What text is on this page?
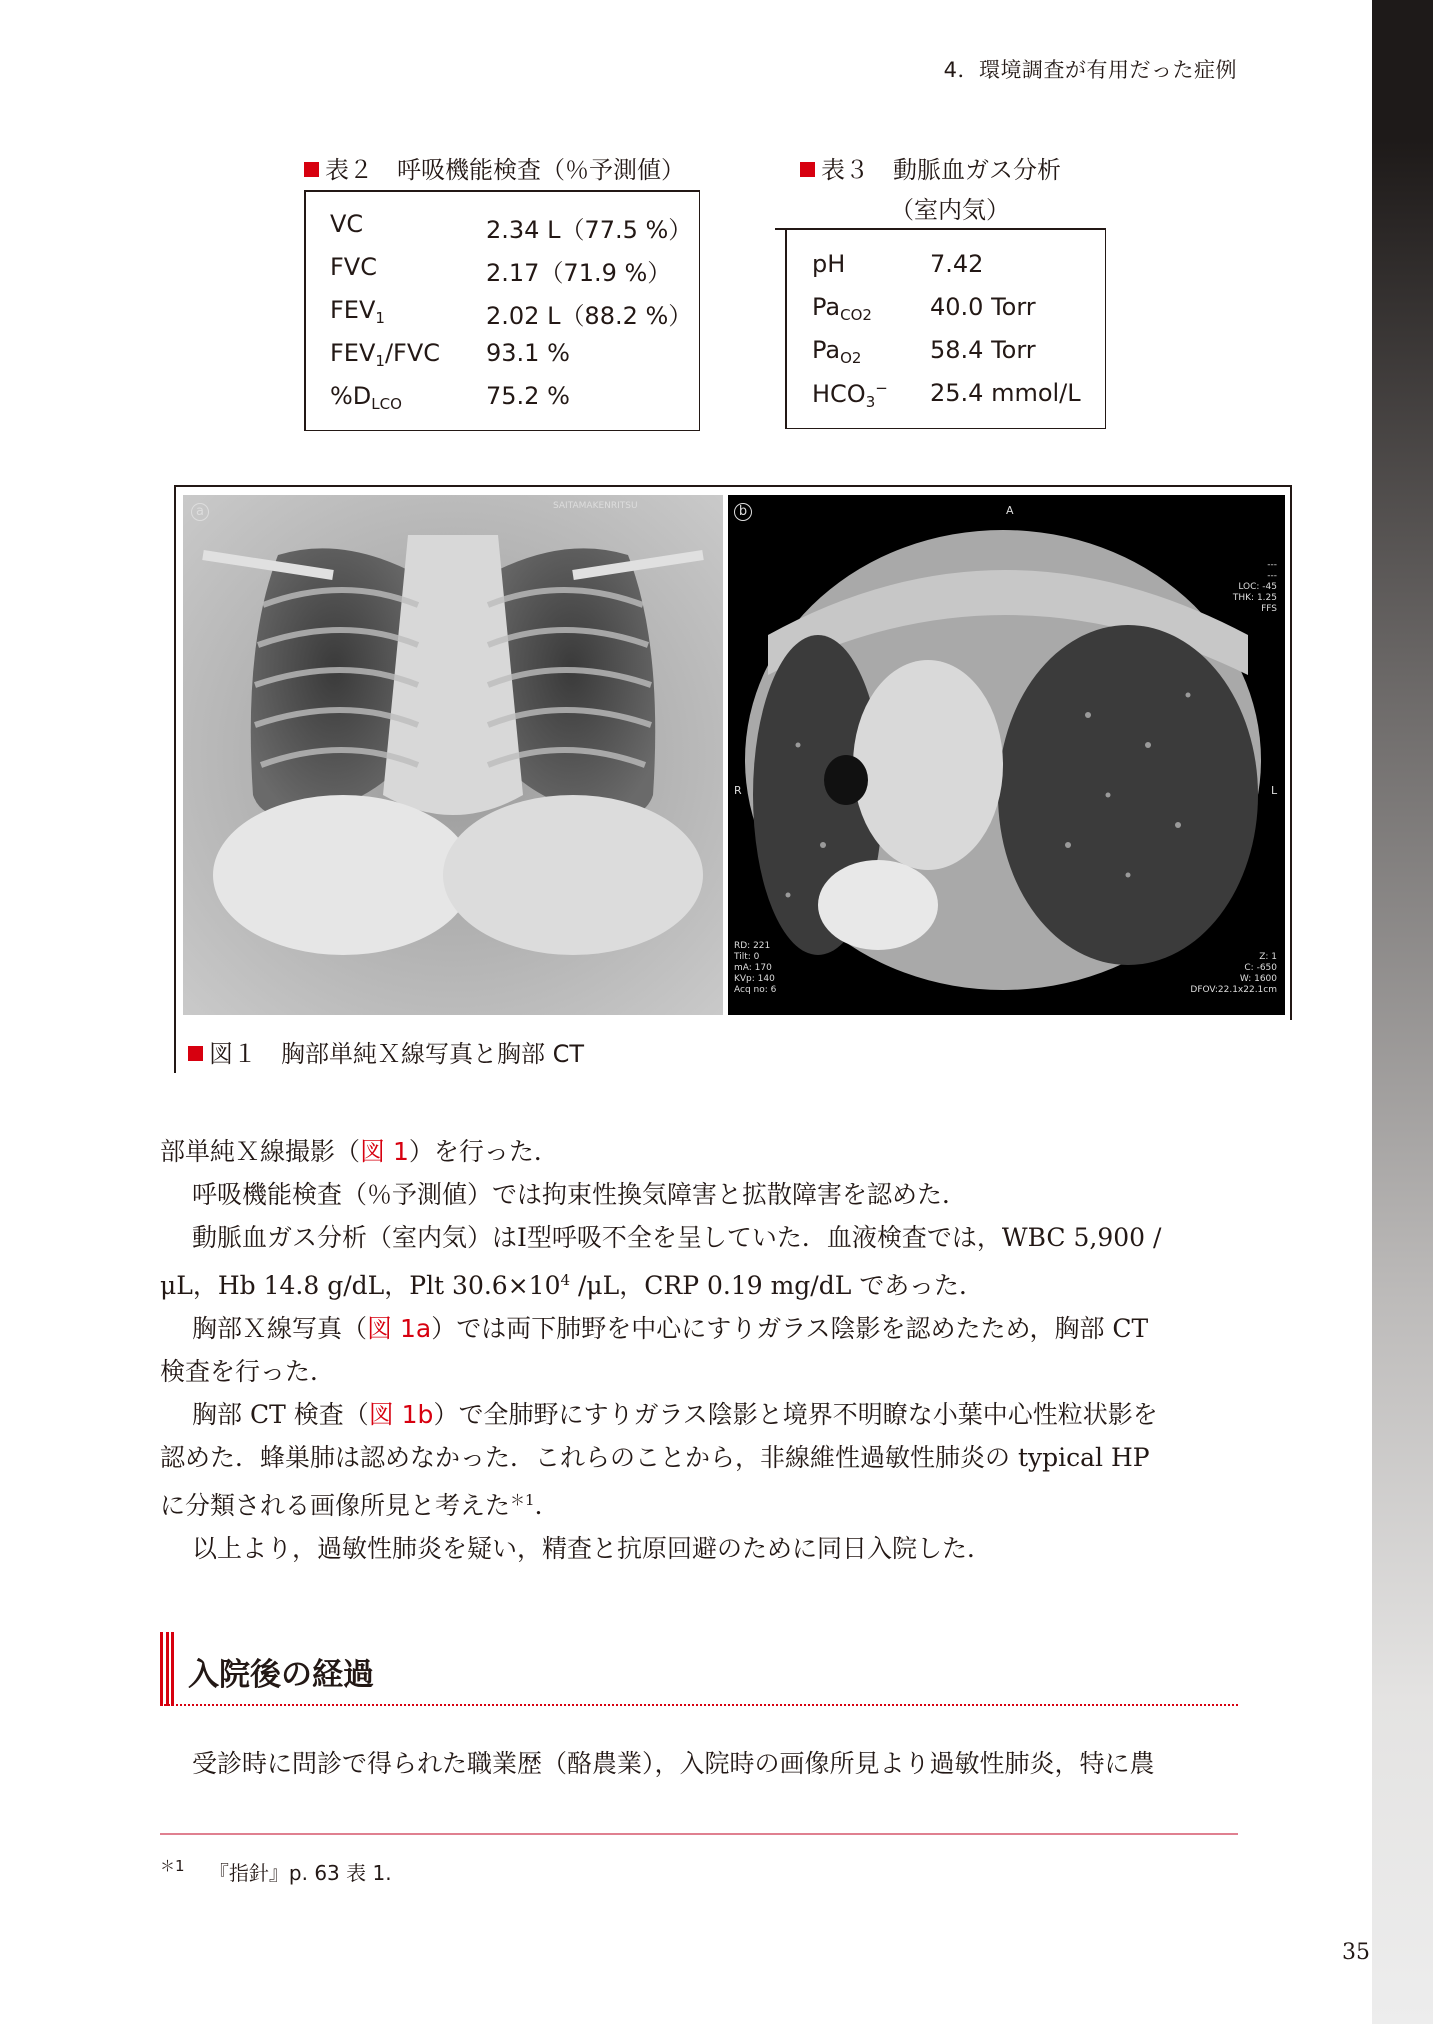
4．環境調査が有用だった症例
表２　呼吸機能検査（％予測値）
VC	2.34 L（77.5 %）
FVC	2.17（71.9 %）
$FEV_1$	2.02 L（88.2 %）
$FEV_1$/FVC 93.1 %
$\%D_{LCO}$	75.2 %
表３　動脈血ガス分析
（室内気）
pH	7.42
$Pa_{CO2}$ 40.0 Torr
$Pa_{O2}$	58.4 Torr
$HCO_3^-$ 25.4 mmol/L
a	SAITAMAKENRITSU	b	A
R	L
---
---
LOC: -45
THK: 1.25
FFS
RD: 221
Tilt: 0
mA: 170
KVp: 140
Acq no: 6
Z: 1
C: -650
W: 1600
DFOV:22.1x22.1cm
図１　胸部単純Ｘ線写真と胸部 CT

部単純Ｘ線撮影（図 1）を行った．

呼吸機能検査（％予測値）では拘束性換気障害と拡散障害を認めた．

動脈血ガス分析（室内気）はⅠ型呼吸不全を呈していた．血液検査では，WBC 5,900 /

μL，Hb 14.8 g/dL，Plt $30.6\times 10^4$ /μL，CRP 0.19 mg/dL であった．

胸部Ｘ線写真（図 1a）では両下肺野を中心にすりガラス陰影を認めたため，胸部 CT

検査を行った．

胸部 CT 検査（図 1b）で全肺野にすりガラス陰影と境界不明瞭な小葉中心性粒状影を

認めた．蜂巣肺は認めなかった．これらのことから，非線維性過敏性肺炎の typical HP

に分類される画像所見と考えた$^{*1}$．

以上より，過敏性肺炎を疑い，精査と抗原回避のために同日入院した．

入院後の経過

受診時に問診で得られた職業歴（酪農業），入院時の画像所見より過敏性肺炎，特に農

$^{*1}$ 『指針』p. 63 表 1.
35
